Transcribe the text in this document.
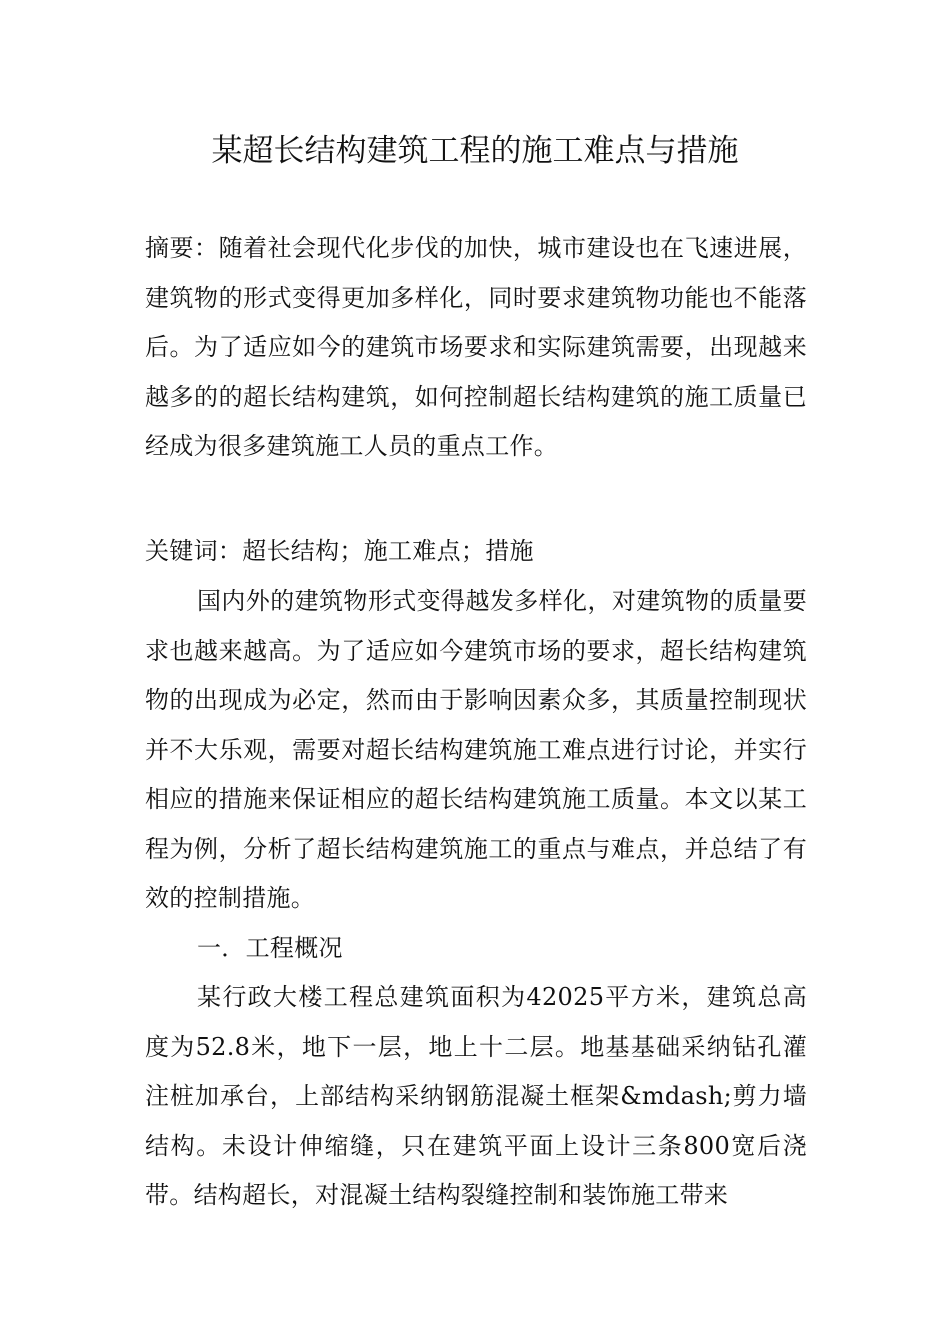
某超长结构建筑工程的施工难点与措施

摘要：随着社会现代化步伐的加快，城市建设也在飞速进展，建筑物的形式变得更加多样化，同时要求建筑物功能也不能落后。为了适应如今的建筑市场要求和实际建筑需要，出现越来越多的的超长结构建筑，如何控制超长结构建筑的施工质量已经成为很多建筑施工人员的重点工作。

关键词：超长结构；施工难点；措施

国内外的建筑物形式变得越发多样化，对建筑物的质量要求也越来越高。为了适应如今建筑市场的要求，超长结构建筑物的出现成为必定，然而由于影响因素众多，其质量控制现状并不大乐观，需要对超长结构建筑施工难点进行讨论，并实行相应的措施来保证相应的超长结构建筑施工质量。本文以某工程为例，分析了超长结构建筑施工的重点与难点，并总结了有效的控制措施。

一．工程概况

某行政大楼工程总建筑面积为42025平方米，建筑总高度为52.8米，地下一层，地上十二层。地基基础采纳钻孔灌注桩加承台，上部结构采纳钢筋混凝土框架&mdash;剪力墙结构。未设计伸缩缝，只在建筑平面上设计三条800宽后浇带。结构超长，对混凝土结构裂缝控制和装饰施工带来
